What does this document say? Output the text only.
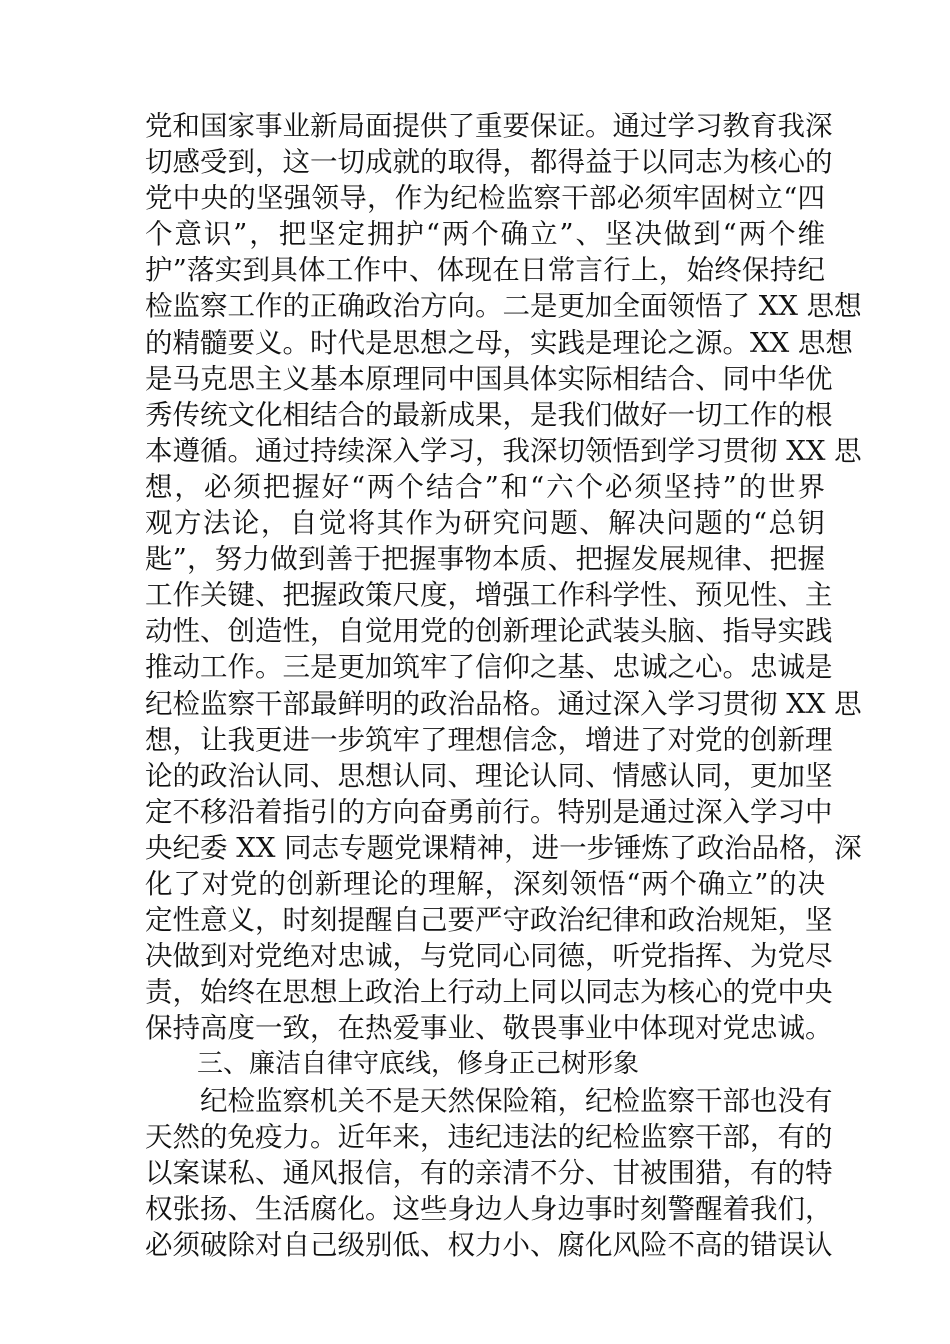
党和国家事业新局面提供了重要保证。通过学习教育我深
切感受到，这一切成就的取得，都得益于以同志为核心的
党中央的坚强领导，作为纪检监察干部必须牢固树立“四
个意识”，把坚定拥护“两个确立”、坚决做到“两个维
护”落实到具体工作中、体现在日常言行上，始终保持纪
检监察工作的正确政治方向。二是更加全面领悟了 XX 思想
的精髓要义。时代是思想之母，实践是理论之源。XX 思想
是马克思主义基本原理同中国具体实际相结合、同中华优
秀传统文化相结合的最新成果，是我们做好一切工作的根
本遵循。通过持续深入学习，我深切领悟到学习贯彻 XX 思
想，必须把握好“两个结合”和“六个必须坚持”的世界
观方法论，自觉将其作为研究问题、解决问题的“总钥
匙”，努力做到善于把握事物本质、把握发展规律、把握
工作关键、把握政策尺度，增强工作科学性、预见性、主
动性、创造性，自觉用党的创新理论武装头脑、指导实践
推动工作。三是更加筑牢了信仰之基、忠诚之心。忠诚是
纪检监察干部最鲜明的政治品格。通过深入学习贯彻 XX 思
想，让我更进一步筑牢了理想信念，增进了对党的创新理
论的政治认同、思想认同、理论认同、情感认同，更加坚
定不移沿着指引的方向奋勇前行。特别是通过深入学习中
央纪委 XX 同志专题党课精神，进一步锤炼了政治品格，深
化了对党的创新理论的理解，深刻领悟“两个确立”的决
定性意义，时刻提醒自己要严守政治纪律和政治规矩，坚
决做到对党绝对忠诚，与党同心同德，听党指挥、为党尽
责，始终在思想上政治上行动上同以同志为核心的党中央
保持高度一致，在热爱事业、敬畏事业中体现对党忠诚。
三、廉洁自律守底线，修身正己树形象
纪检监察机关不是天然保险箱，纪检监察干部也没有
天然的免疫力。近年来，违纪违法的纪检监察干部，有的
以案谋私、通风报信，有的亲清不分、甘被围猎，有的特
权张扬、生活腐化。这些身边人身边事时刻警醒着我们，
必须破除对自己级别低、权力小、腐化风险不高的错误认
